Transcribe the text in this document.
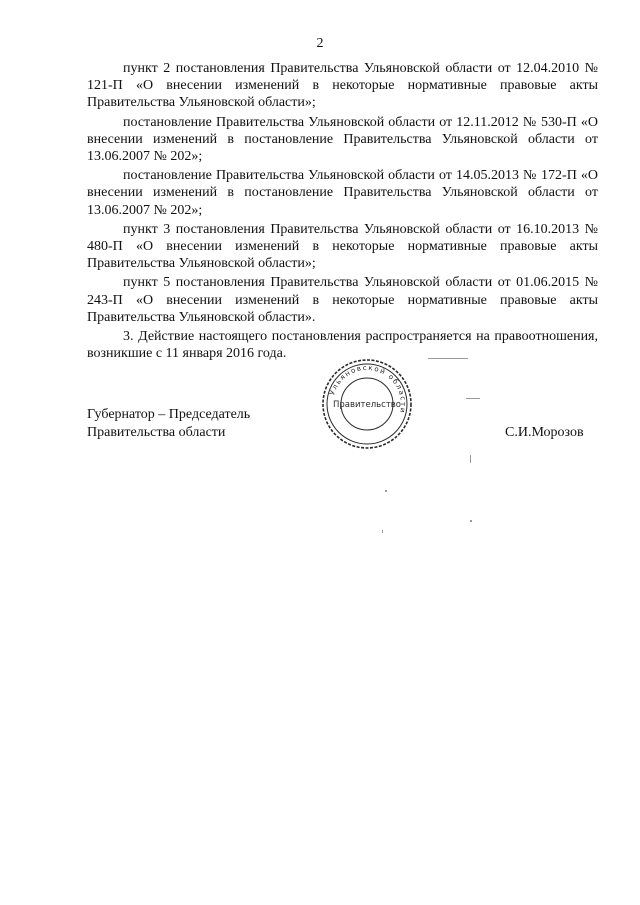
2

пункт 2 постановления Правительства Ульяновской области от 12.04.2010 № 121-П «О внесении изменений в некоторые нормативные правовые акты Правительства Ульяновской области»;

постановление Правительства Ульяновской области от 12.11.2012 № 530-П «О внесении изменений в постановление Правительства Ульяновской области от 13.06.2007 № 202»;

постановление Правительства Ульяновской области от 14.05.2013 № 172-П «О внесении изменений в постановление Правительства Ульяновской области от 13.06.2007 № 202»;

пункт 3 постановления Правительства Ульяновской области от 16.10.2013 № 480-П «О внесении изменений в некоторые нормативные правовые акты Правительства Ульяновской области»;

пункт 5 постановления Правительства Ульяновской области от 01.06.2015 № 243-П «О внесении изменений в некоторые нормативные правовые акты Правительства Ульяновской области».

3. Действие настоящего постановления распространяется на правоотношения, возникшие с 11 января 2016 года.

Ульяновской области
Правительство
Губернатор – Председатель
Правительства области	С.И.Морозов
